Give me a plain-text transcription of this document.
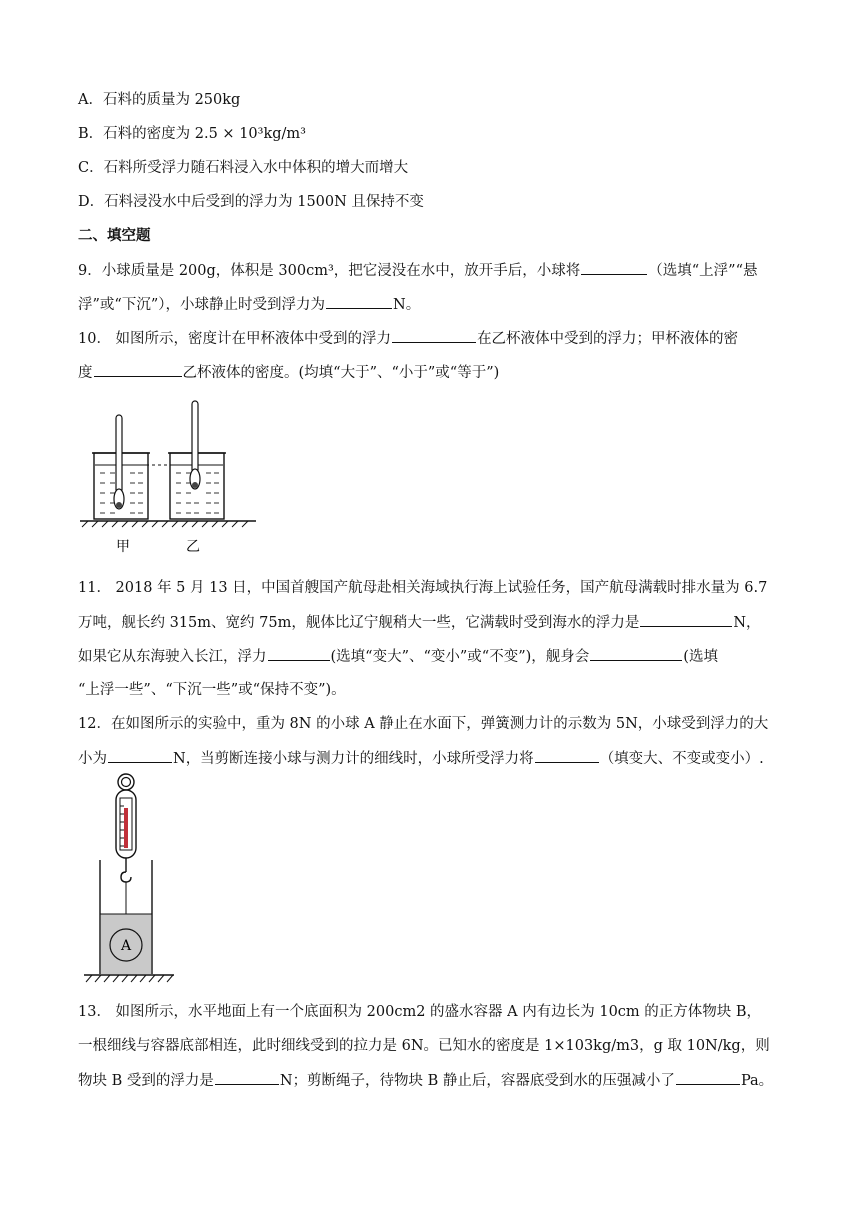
A．石料的质量为 250kg
B．石料的密度为 2.5 × 10³kg/m³
C．石料所受浮力随石料浸入水中体积的增大而增大
D．石料浸没水中后受到的浮力为 1500N 且保持不变
二、填空题
9．小球质量是 200g，体积是 300cm³，把它浸没在水中，放开手后，小球将	（选填“上浮”“悬
浮”或“下沉”），小球静止时受到浮力为	N。
10． 如图所示，密度计在甲杯液体中受到的浮力	在乙杯液体中受到的浮力；甲杯液体的密
度	乙杯液体的密度。(均填“大于”、“小于”或“等于”)
甲	乙
11． 2018 年 5 月 13 日，中国首艘国产航母赴相关海域执行海上试验任务，国产航母满载时排水量为 6.7
万吨，舰长约 315m、宽约 75m，舰体比辽宁舰稍大一些，它满载时受到海水的浮力是	N，
如果它从东海驶入长江，浮力	(选填“变大”、“变小”或“不变”)，舰身会	(选填
“上浮一些”、“下沉一些”或“保持不变”)。
12．在如图所示的实验中，重为 8N 的小球 A 静止在水面下，弹簧测力计的示数为 5N，小球受到浮力的大
小为	N，当剪断连接小球与测力计的细线时，小球所受浮力将	（填变大、不变或变小）.
A
13． 如图所示，水平地面上有一个底面积为 200cm2 的盛水容器 A 内有边长为 10cm 的正方体物块 B，
一根细线与容器底部相连，此时细线受到的拉力是 6N。已知水的密度是 1×103kg/m3，g 取 10N/kg，则
物块 B 受到的浮力是	N；剪断绳子，待物块 B 静止后，容器底受到水的压强减小了	Pa。
